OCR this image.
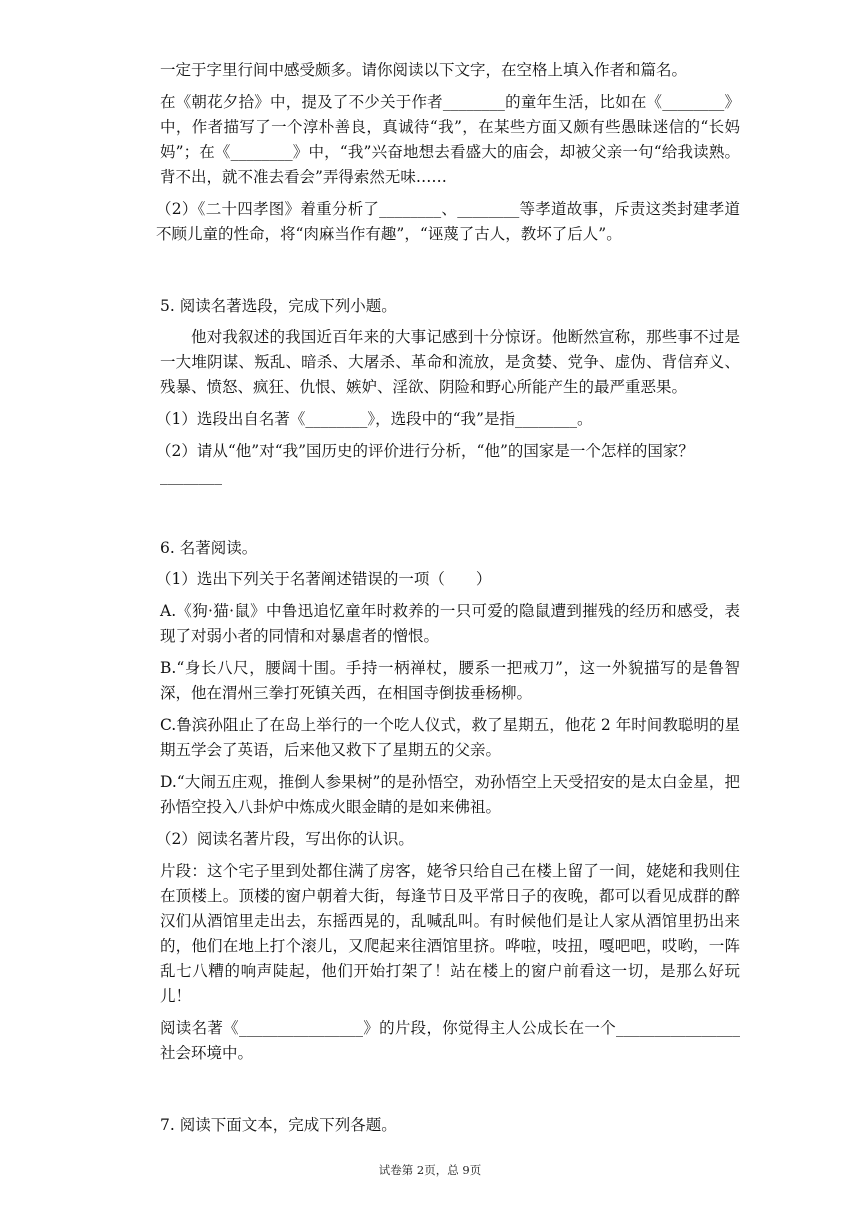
一定于字里行间中感受颇多。请你阅读以下文字，在空格上填入作者和篇名。

在《朝花夕拾》中，提及了不少关于作者________的童年生活，比如在《________》中，作者描写了一个淳朴善良，真诚待“我”，在某些方面又颇有些愚昧迷信的“长妈妈”；在《________》中，“我”兴奋地想去看盛大的庙会，却被父亲一句“给我读熟。背不出，就不准去看会”弄得索然无味……

（2）《二十四孝图》着重分析了________、________等孝道故事，斥责这类封建孝道不顾儿童的性命，将“肉麻当作有趣”，“诬蔑了古人，教坏了后人”。

5. 阅读名著选段，完成下列小题。

他对我叙述的我国近百年来的大事记感到十分惊讶。他断然宣称，那些事不过是一大堆阴谋、叛乱、暗杀、大屠杀、革命和流放，是贪婪、党争、虚伪、背信弃义、残暴、愤怒、疯狂、仇恨、嫉妒、淫欲、阴险和野心所能产生的最严重恶果。

（1）选段出自名著《________》，选段中的“我”是指________。

（2）请从“他”对“我”国历史的评价进行分析，“他”的国家是一个怎样的国家？

________

6. 名著阅读。

（1）选出下列关于名著阐述错误的一项（　　）

A.《狗·猫·鼠》中鲁迅追忆童年时救养的一只可爱的隐鼠遭到摧残的经历和感受，表现了对弱小者的同情和对暴虐者的憎恨。

B.“身长八尺，腰阔十围。手持一柄禅杖，腰系一把戒刀”，这一外貌描写的是鲁智深，他在渭州三拳打死镇关西，在相国寺倒拔垂杨柳。

C.鲁滨孙阻止了在岛上举行的一个吃人仪式，救了星期五，他花 2 年时间教聪明的星期五学会了英语，后来他又救下了星期五的父亲。

D.“大闹五庄观，推倒人参果树”的是孙悟空，劝孙悟空上天受招安的是太白金星，把孙悟空投入八卦炉中炼成火眼金睛的是如来佛祖。

（2）阅读名著片段，写出你的认识。

片段：这个宅子里到处都住满了房客，姥爷只给自己在楼上留了一间，姥姥和我则住在顶楼上。顶楼的窗户朝着大街，每逢节日及平常日子的夜晚，都可以看见成群的醉汉们从酒馆里走出去，东摇西晃的，乱喊乱叫。有时候他们是让人家从酒馆里扔出来的，他们在地上打个滚儿，又爬起来往酒馆里挤。哗啦，吱扭，嘎吧吧，哎哟，一阵乱七八糟的响声陡起，他们开始打架了！站在楼上的窗户前看这一切，是那么好玩儿！

阅读名著《________________》的片段，你觉得主人公成长在一个________________社会环境中。

7. 阅读下面文本，完成下列各题。

试卷第 2页，总 9页
